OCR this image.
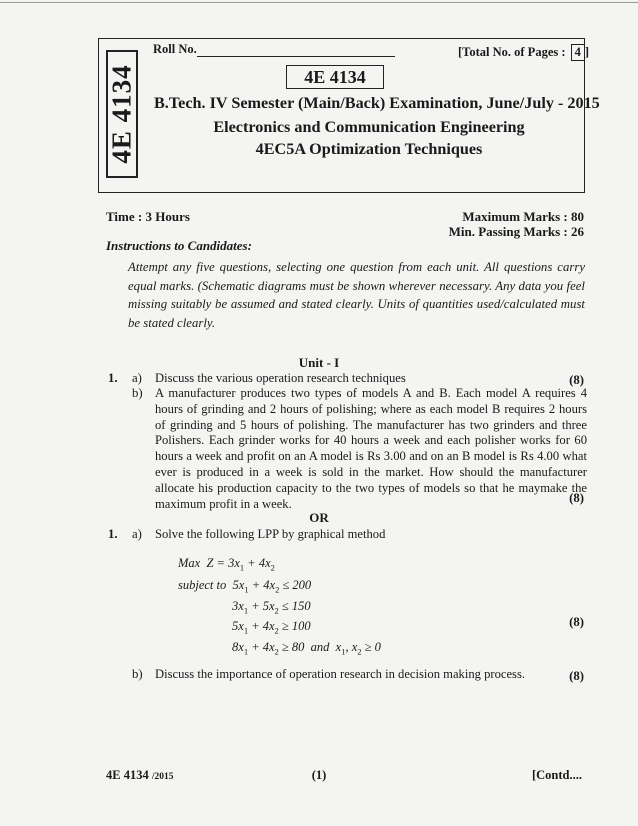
4E 4134
Roll No.	[Total No. of Pages : 4 ]
4E 4134
B.Tech. IV Semester (Main/Back) Examination, June/July - 2015
Electronics and Communication Engineering
4EC5A Optimization Techniques
Time : 3 Hours	Maximum Marks : 80
Min. Passing Marks : 26
Instructions to Candidates:
Attempt any five questions, selecting one question from each unit. All questions carry equal marks. (Schematic diagrams must be shown wherever necessary. Any data you feel missing suitably be assumed and stated clearly. Units of quantities used/calculated must be stated clearly.
Unit - I
1. a) Discuss the various operation research techniques	(8)
b) A manufacturer produces two types of models A and B. Each model A requires 4 hours of grinding and 2 hours of polishing; where as each model B requires 2 hours of grinding and 5 hours of polishing. The manufacturer has two grinders and three Polishers. Each grinder works for 40 hours a week and each polisher works for 60 hours a week and profit on an A model is Rs 3.00 and on an B model is Rs 4.00 what ever is produced in a week is sold in the market. How should the manufacturer allocate his production capacity to the two types of models so that he maymake the maximum profit in a week.	(8)
OR
1. a) Solve the following LPP by graphical method
Max  $Z = 3x_1 + 4x_2$
subject to  $5x_1 + 4x_2 \le 200$
$3x_1 + 5x_2 \le 150$
$5x_1 + 4x_2 \ge 100$
$8x_1 + 4x_2 \ge 80$  and  $x_1$, $x_2 \ge 0$
(8)
b) Discuss the importance of operation research in decision making process.	(8)
4E 4134 /2015	(1)	[Contd....
